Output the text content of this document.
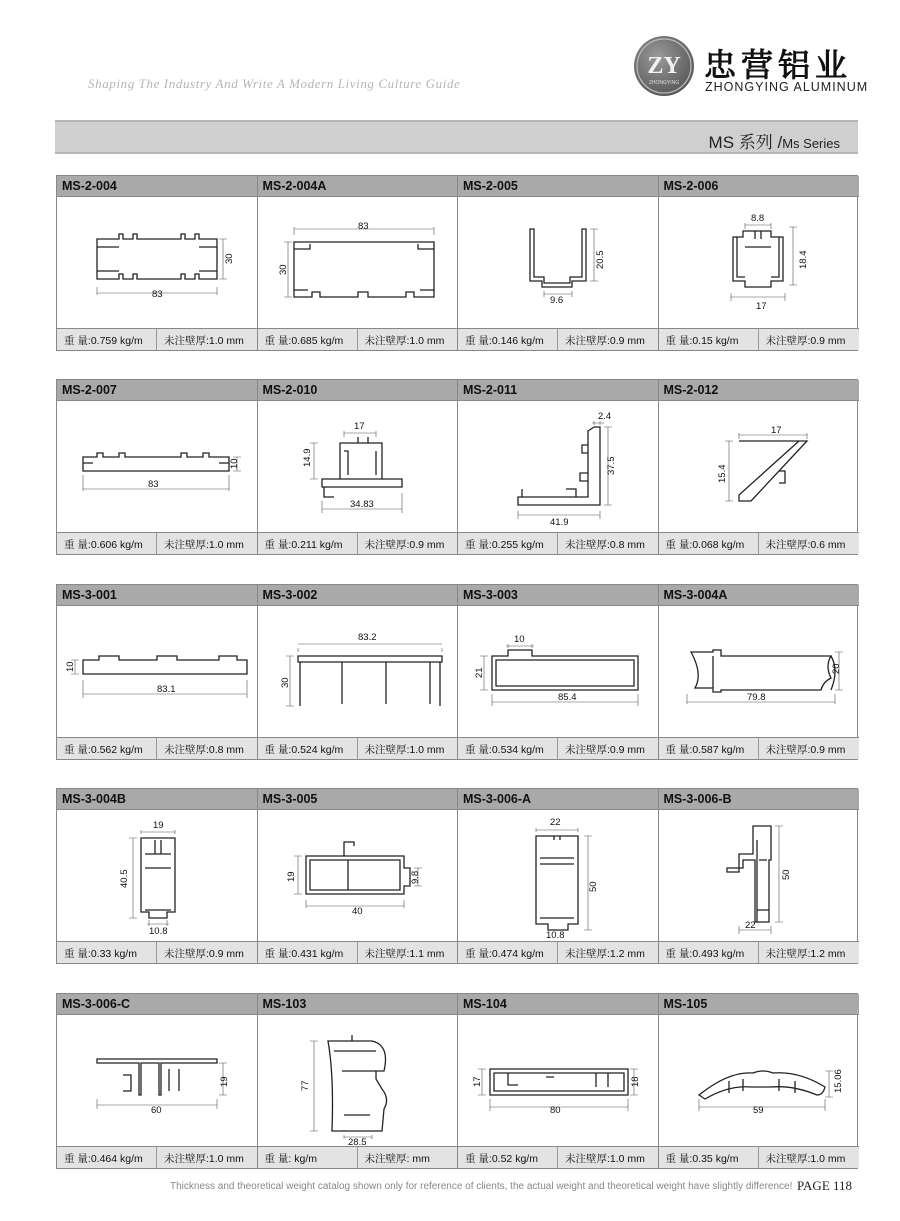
Shaping The Industry And Write A Modern Living Culture Guide
ZY
ZHONGYING 忠营铝业
ZHONGYING ALUMINUM
MS 系列 /Ms Series
MS-2-004
83
30
重 量:0.759 kg/m	未注壁厚:1.0 mm
MS-2-004A
83
30
重 量:0.685 kg/m	未注壁厚:1.0 mm
MS-2-005
9.6
20.5
重 量:0.146 kg/m	未注壁厚:0.9 mm
MS-2-006
8.8
17
18.4
重 量:0.15 kg/m	未注壁厚:0.9 mm
MS-2-007
83
10
重 量:0.606 kg/m	未注壁厚:1.0 mm
MS-2-010
17
14.9
34.83
重 量:0.211 kg/m	未注壁厚:0.9 mm
MS-2-011
2.4
37.5
41.9
重 量:0.255 kg/m	未注壁厚:0.8 mm
MS-2-012
17
15.4
重 量:0.068 kg/m	未注壁厚:0.6 mm
MS-3-001
10
83.1
重 量:0.562 kg/m	未注壁厚:0.8 mm
MS-3-002
83.2
30
重 量:0.524 kg/m	未注壁厚:1.0 mm
MS-3-003
10
21
85.4
重 量:0.534 kg/m	未注壁厚:0.9 mm
MS-3-004A
79.8
20
重 量:0.587 kg/m	未注壁厚:0.9 mm
MS-3-004B
19
40.5
10.8
重 量:0.33 kg/m	未注壁厚:0.9 mm
MS-3-005
19
40
9.8
重 量:0.431 kg/m	未注壁厚:1.1 mm
MS-3-006-A
22
50
10.8
重 量:0.474 kg/m	未注壁厚:1.2 mm
MS-3-006-B
50
22
重 量:0.493 kg/m	未注壁厚:1.2 mm
MS-3-006-C
60
19
重 量:0.464 kg/m	未注壁厚:1.0 mm
MS-103
77
28.5
重 量: kg/m	未注壁厚: mm
MS-104
17	18
80
重 量:0.52 kg/m	未注壁厚:1.0 mm
MS-105
59
15.06
重 量:0.35 kg/m	未注壁厚:1.0 mm
Thickness and theoretical weight catalog shown only for reference of clients, the actual weight and theoretical weight have slightly difference! PAGE 118
